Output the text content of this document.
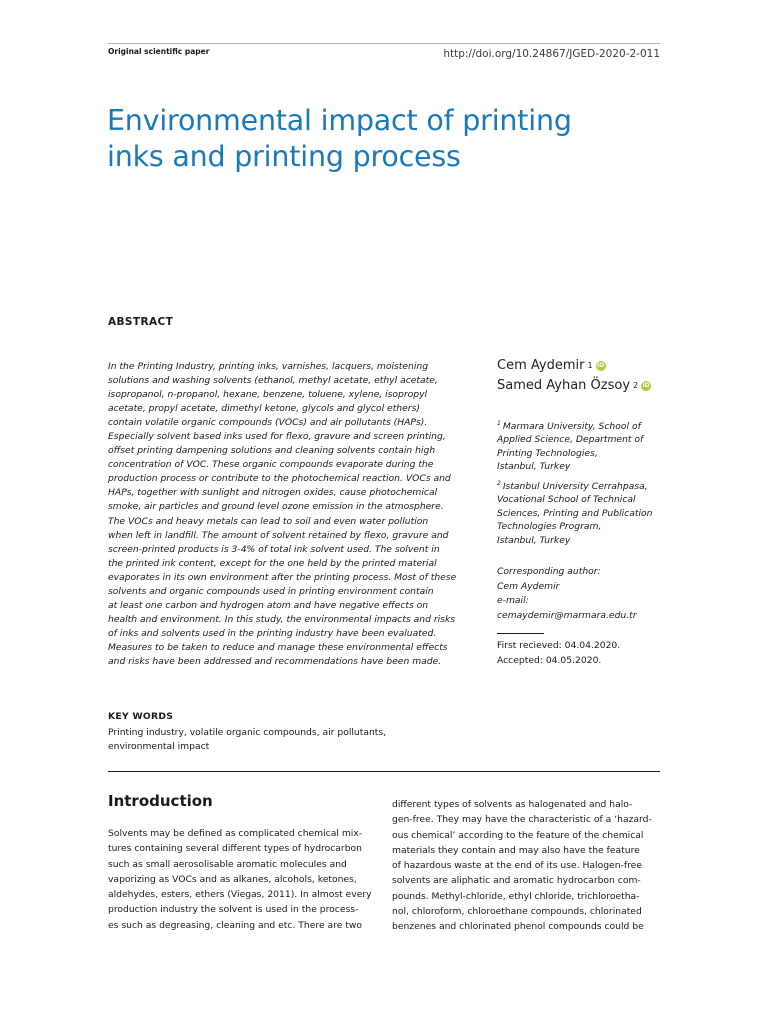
Original scientific paper	http://doi.org/10.24867/JGED-2020-2-011
Environmental impact of printing
inks and printing process
ABSTRACT
In the Printing Industry, printing inks, varnishes, lacquers, moistening
solutions and washing solvents (ethanol, methyl acetate, ethyl acetate,
isopropanol, n-propanol, hexane, benzene, toluene, xylene, isopropyl
acetate, propyl acetate, dimethyl ketone, glycols and glycol ethers)
contain volatile organic compounds (VOCs) and air pollutants (HAPs).
Especially solvent based inks used for flexo, gravure and screen printing,
offset printing dampening solutions and cleaning solvents contain high
concentration of VOC. These organic compounds evaporate during the
production process or contribute to the photochemical reaction. VOCs and
HAPs, together with sunlight and nitrogen oxides, cause photochemical
smoke, air particles and ground level ozone emission in the atmosphere.
The VOCs and heavy metals can lead to soil and even water pollution
when left in landfill. The amount of solvent retained by flexo, gravure and
screen-printed products is 3-4% of total ink solvent used. The solvent in
the printed ink content, except for the one held by the printed material
evaporates in its own environment after the printing process. Most of these
solvents and organic compounds used in printing environment contain
at least one carbon and hydrogen atom and have negative effects on
health and environment. In this study, the environmental impacts and risks
of inks and solvents used in the printing industry have been evaluated.
Measures to be taken to reduce and manage these environmental effects
and risks have been addressed and recommendations have been made.
Cem Aydemir 1 iD
Samed Ayhan Özsoy 2 iD
$^1$ Marmara University, School of
Applied Science, Department of
Printing Technologies,
Istanbul, Turkey
$^2$ Istanbul University Cerrahpasa,
Vocational School of Technical
Sciences, Printing and Publication
Technologies Program,
Istanbul, Turkey
Corresponding author:
Cem Aydemir
e-mail:
cemaydemir@marmara.edu.tr
First recieved: 04.04.2020.
Accepted: 04.05.2020.
KEY WORDS
Printing industry, volatile organic compounds, air pollutants,
environmental impact
Introduction
Solvents may be defined as complicated chemical mix-
tures containing several different types of hydrocarbon
such as small aerosolisable aromatic molecules and
vaporizing as VOCs and as alkanes, alcohols, ketones,
aldehydes, esters, ethers (Viegas, 2011). In almost every
production industry the solvent is used in the process-
es such as degreasing, cleaning and etc. There are two
different types of solvents as halogenated and halo-
gen-free. They may have the characteristic of a ‘hazard-
ous chemical’ according to the feature of the chemical
materials they contain and may also have the feature
of hazardous waste at the end of its use. Halogen-free
solvents are aliphatic and aromatic hydrocarbon com-
pounds. Methyl-chloride, ethyl chloride, trichloroetha-
nol, chloroform, chloroethane compounds, chlorinated
benzenes and chlorinated phenol compounds could be
